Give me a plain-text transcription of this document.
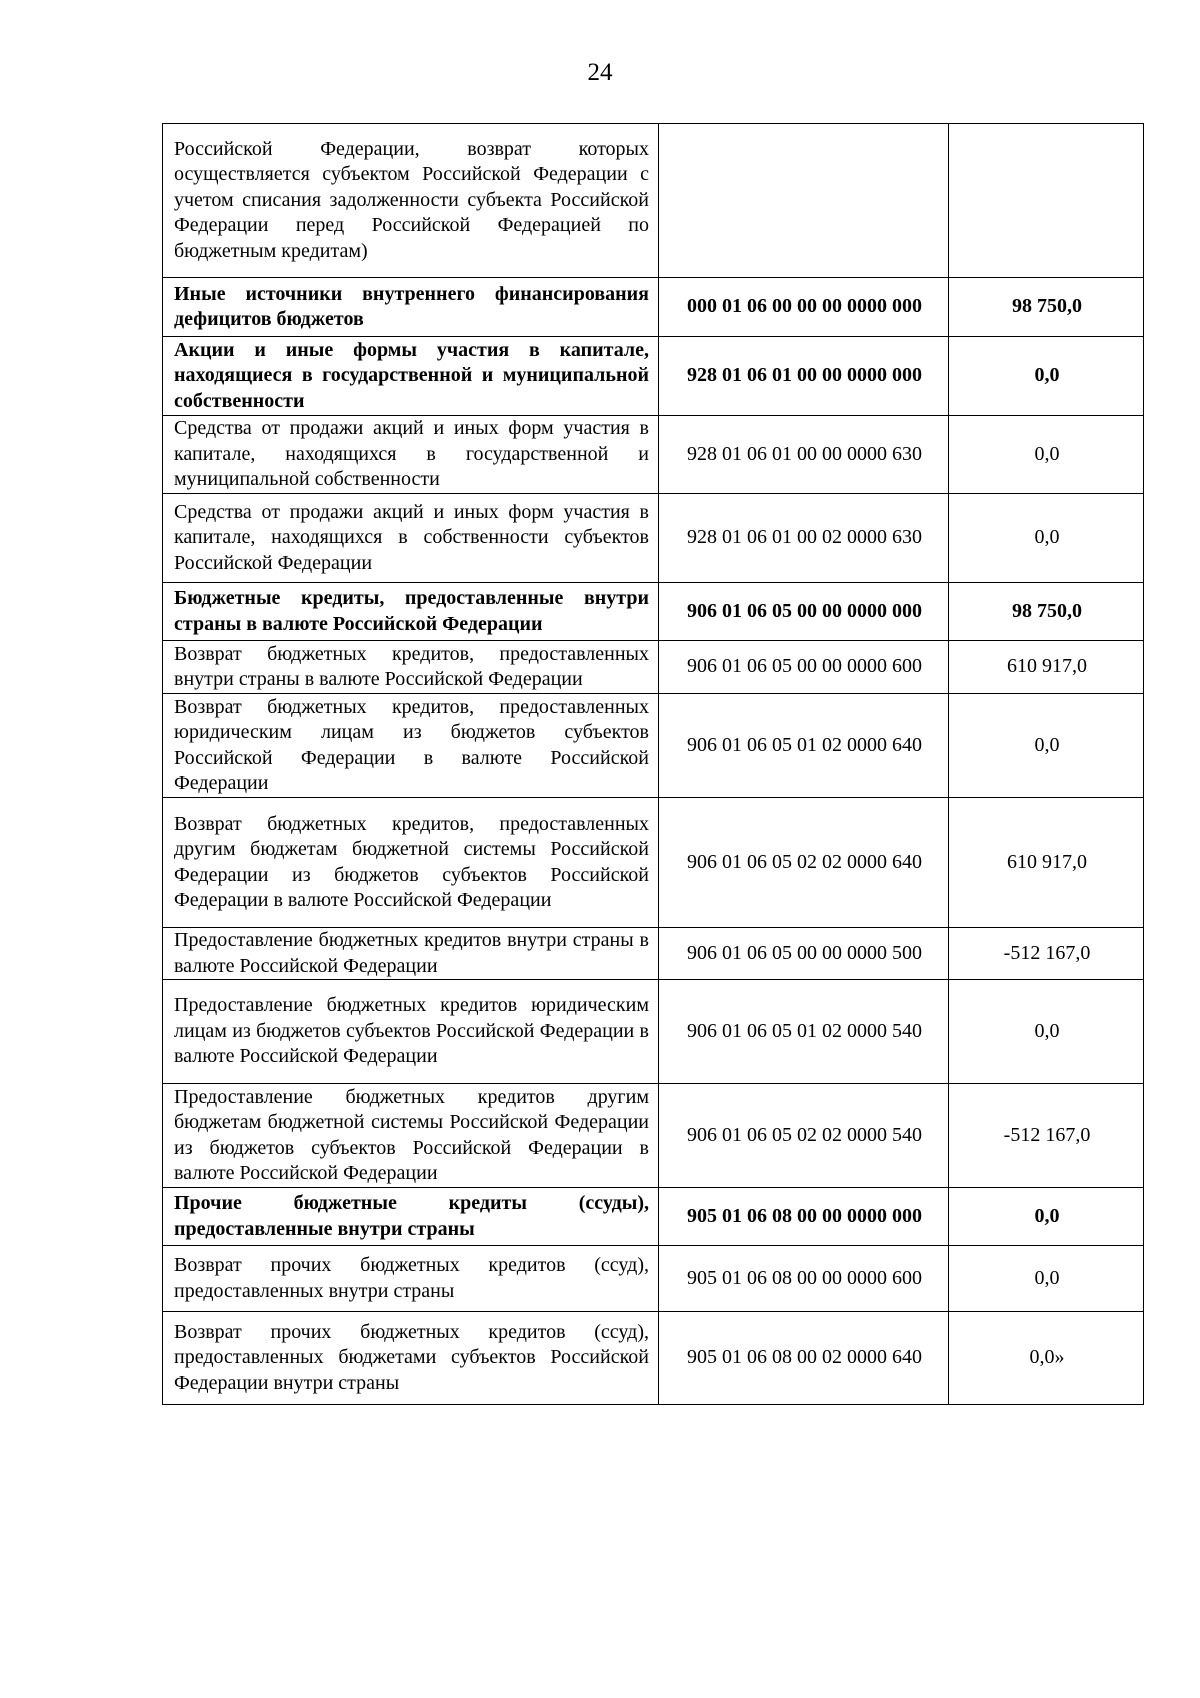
24
Российской Федерации, возврат которых осуществляется субъектом Российской Федерации с учетом списания задолженности субъекта Российской Федерации перед Российской Федерацией по бюджетным кредитам)		
Иные источники внутреннего финансирования дефицитов бюджетов	000 01 06 00 00 00 0000 000	98 750,0
Акции и иные формы участия в капитале, находящиеся в государственной и муниципальной собственности	928 01 06 01 00 00 0000 000	0,0
Средства от продажи акций и иных форм участия в капитале, находящихся в государственной и муниципальной собственности	928 01 06 01 00 00 0000 630	0,0
Средства от продажи акций и иных форм участия в капитале, находящихся в собственности субъектов Российской Федерации	928 01 06 01 00 02 0000 630	0,0
Бюджетные кредиты, предоставленные внутри страны в валюте Российской Федерации	906 01 06 05 00 00 0000 000	98 750,0
Возврат бюджетных кредитов, предоставленных внутри страны в валюте Российской Федерации	906 01 06 05 00 00 0000 600	610 917,0
Возврат бюджетных кредитов, предоставленных юридическим лицам из бюджетов субъектов Российской Федерации в валюте Российской Федерации	906 01 06 05 01 02 0000 640	0,0
Возврат бюджетных кредитов, предоставленных другим бюджетам бюджетной системы Российской Федерации из бюджетов субъектов Российской Федерации в валюте Российской Федерации	906 01 06 05 02 02 0000 640	610 917,0
Предоставление бюджетных кредитов внутри страны в валюте Российской Федерации	906 01 06 05 00 00 0000 500	-512 167,0
Предоставление бюджетных кредитов юридическим лицам из бюджетов субъектов Российской Федерации в валюте Российской Федерации	906 01 06 05 01 02 0000 540	0,0
Предоставление бюджетных кредитов другим бюджетам бюджетной системы Российской Федерации из бюджетов субъектов Российской Федерации в валюте Российской Федерации	906 01 06 05 02 02 0000 540	-512 167,0
Прочие бюджетные кредиты (ссуды), предоставленные внутри страны	905 01 06 08 00 00 0000 000	0,0
Возврат прочих бюджетных кредитов (ссуд), предоставленных внутри страны	905 01 06 08 00 00 0000 600	0,0
Возврат прочих бюджетных кредитов (ссуд), предоставленных бюджетами субъектов Российской Федерации внутри страны	905 01 06 08 00 02 0000 640	0,0»
